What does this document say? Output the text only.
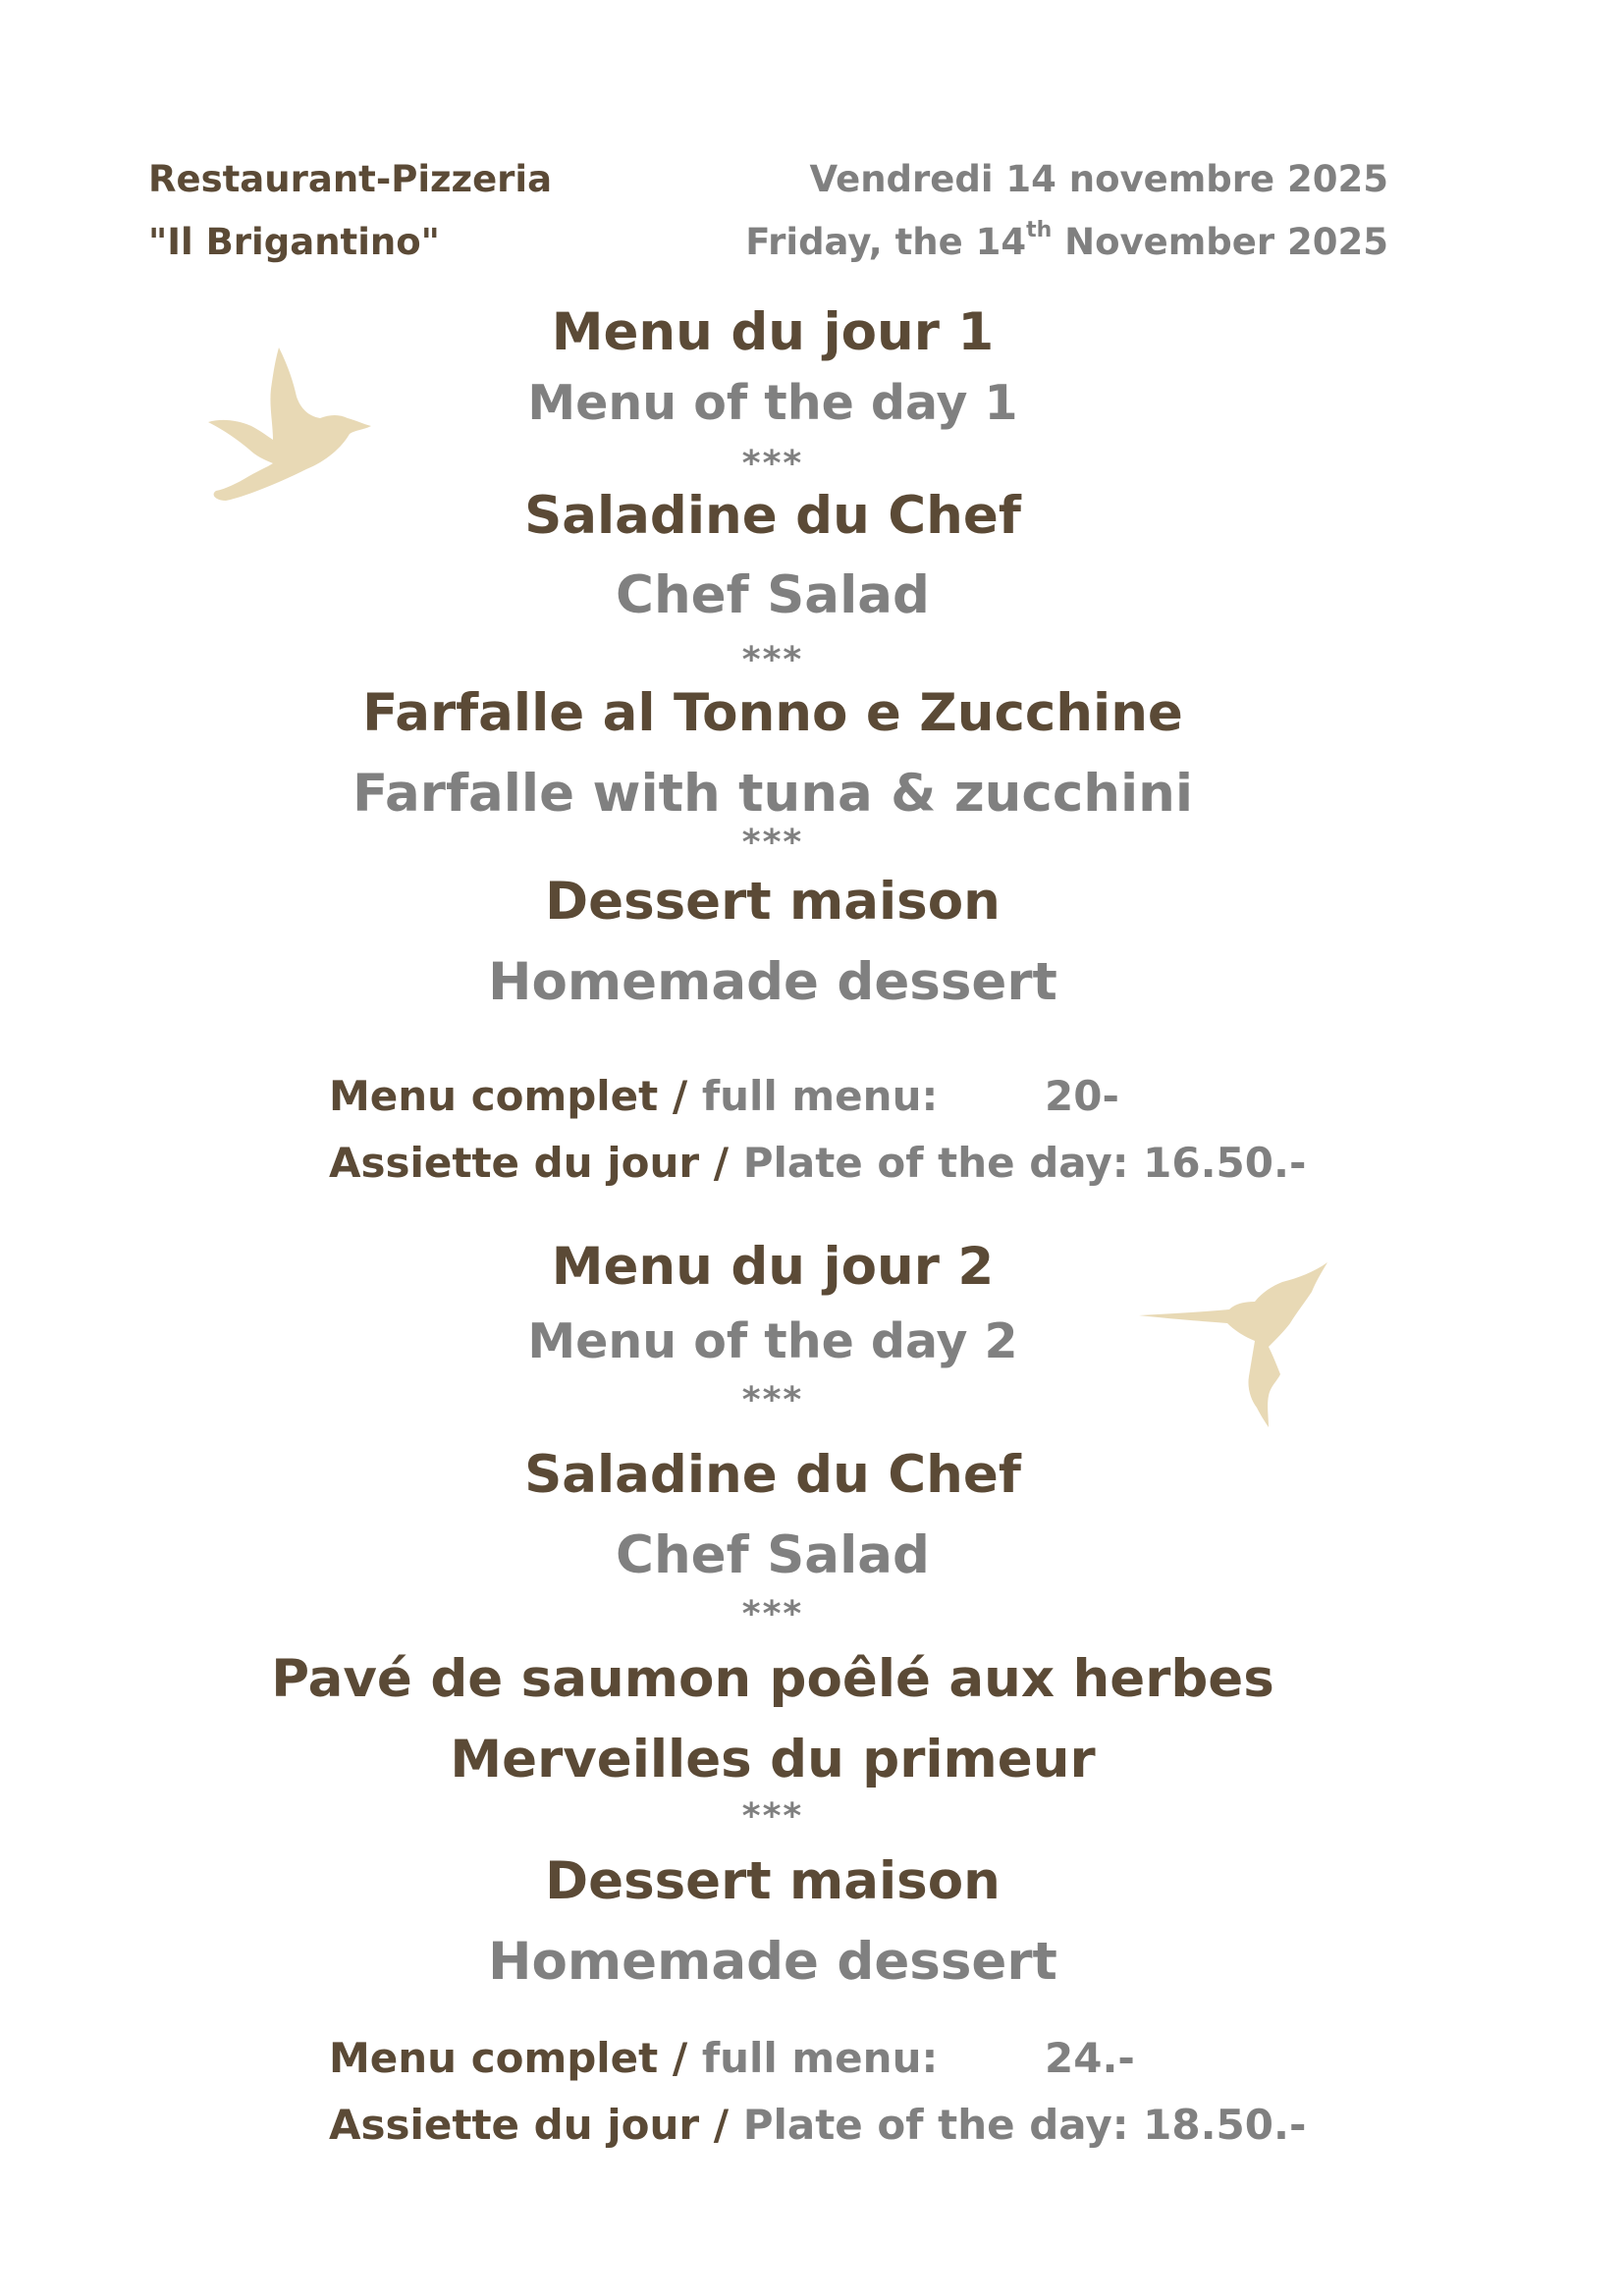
Restaurant-Pizzeria
"Il Brigantino"
Vendredi 14 novembre 2025
Friday, the 14th November 2025
Menu du jour 1
Menu of the day 1
***
Saladine du Chef
Chef Salad
***
Farfalle al Tonno e Zucchine
Farfalle with tuna & zucchini
***
Dessert maison
Homemade dessert
Menu complet / full menu:	20-
Assiette du jour / Plate of the day: 16.50.-
Menu du jour 2
Menu of the day 2
***
Saladine du Chef
Chef Salad
***
Pavé de saumon poêlé aux herbes
Merveilles du primeur
***
Dessert maison
Homemade dessert
Menu complet / full menu:	24.-
Assiette du jour / Plate of the day: 18.50.-
